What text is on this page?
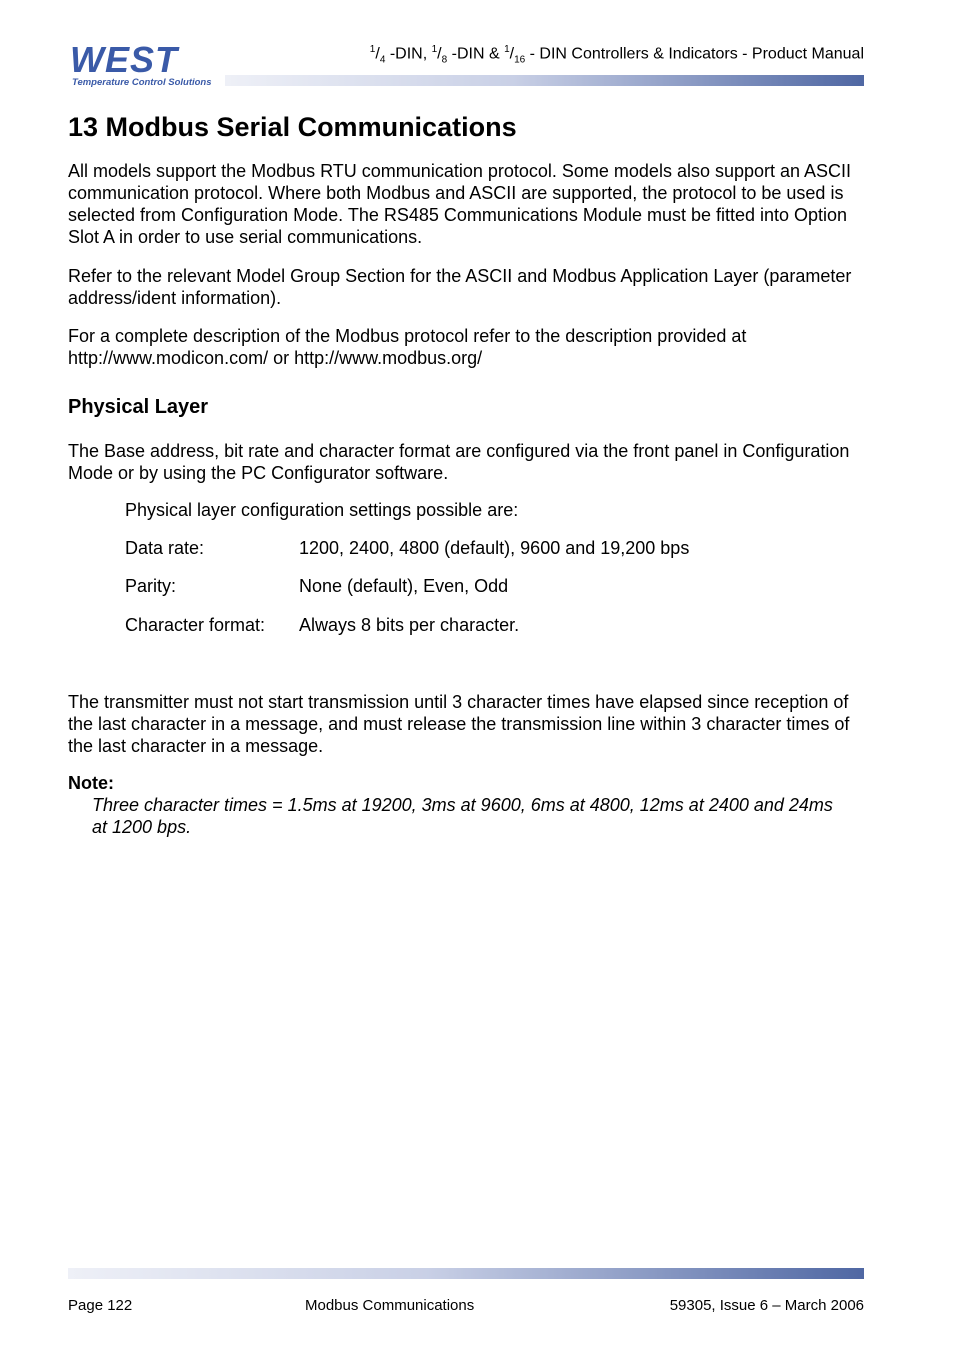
WEST
Temperature Control Solutions
$^1/_4$ -DIN, $^1/_8$ -DIN & $^1/_{16}$ - DIN Controllers & Indicators - Product Manual
13 Modbus Serial Communications

All models support the Modbus RTU communication protocol. Some models also support an ASCII communication protocol. Where both Modbus and ASCII are supported, the protocol to be used is selected from Configuration Mode. The RS485 Communications Module must be fitted into Option Slot A in order to use serial communications.

Refer to the relevant Model Group Section for the ASCII and Modbus Application Layer (parameter address/ident information).

For a complete description of the Modbus protocol refer to the description provided at http://www.modicon.com/ or http://www.modbus.org/

Physical Layer

The Base address, bit rate and character format are configured via the front panel in Configuration Mode or by using the PC Configurator software.

Physical layer configuration settings possible are:

Data rate:	1200, 2400, 4800 (default), 9600 and 19,200 bps
Parity:	None (default), Even, Odd
Character format: Always 8 bits per character.

The transmitter must not start transmission until 3 character times have elapsed since reception of the last character in a message, and must release the transmission line within 3 character times of the last character in a message.

Note:

Three character times = 1.5ms at 19200, 3ms at 9600, 6ms at 4800, 12ms at 2400 and 24ms at 1200 bps.

Page 122	Modbus Communications	59305, Issue 6 – March 2006
